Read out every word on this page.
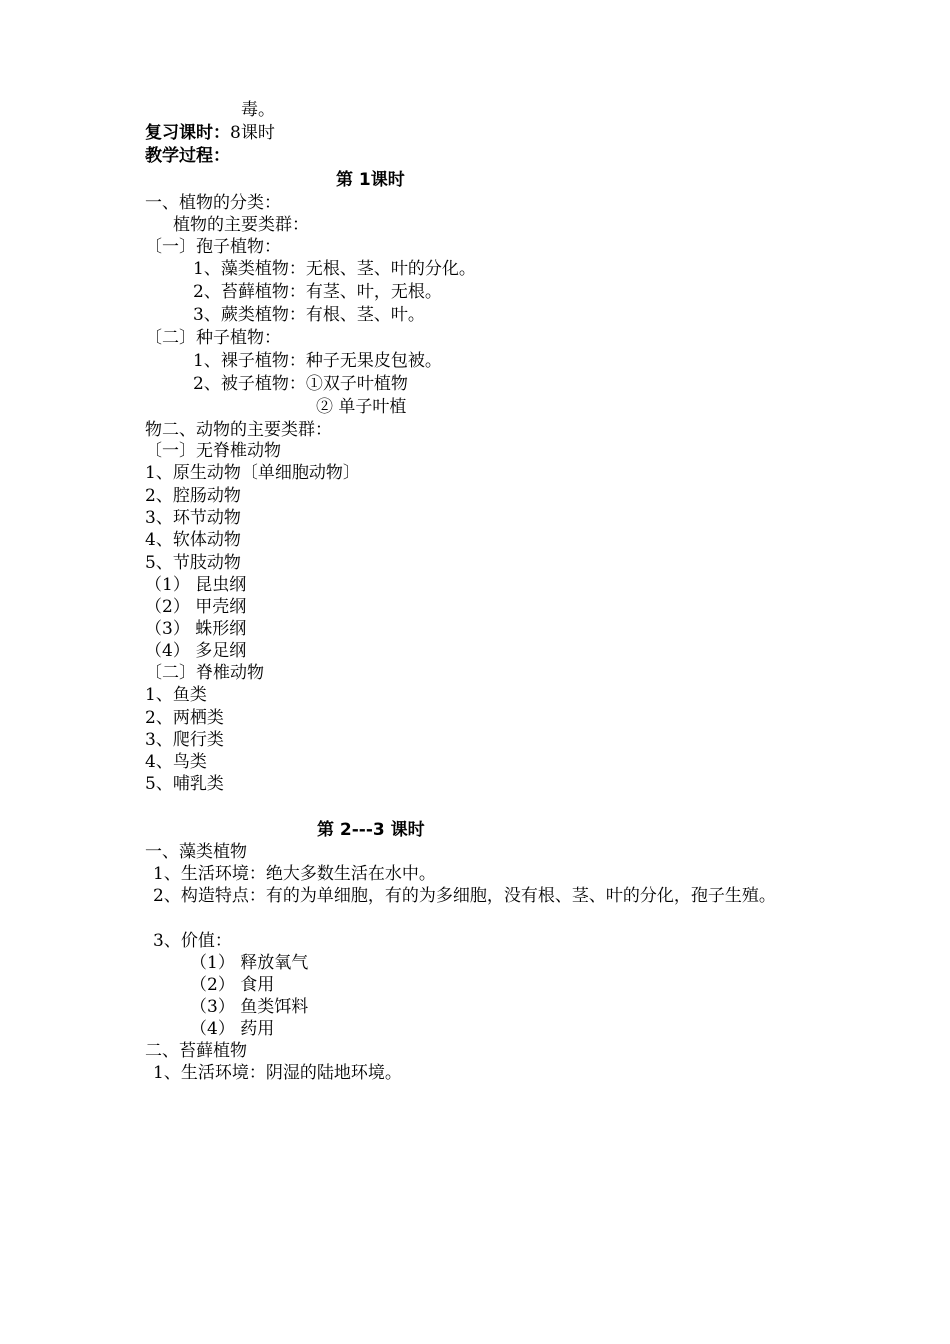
毒。
复习课时：8课时
教学过程：
第 1课时
一、植物的分类：
植物的主要类群：
〔一〕孢子植物：
1、藻类植物：无根、茎、叶的分化。
2、苔藓植物：有茎、叶，无根。
3、蕨类植物：有根、茎、叶。
〔二〕种子植物：
1、裸子植物：种子无果皮包被。
2、被子植物：①双子叶植物
② 单子叶植
物二、动物的主要类群：
〔一〕无脊椎动物
1、原生动物〔单细胞动物〕
2、腔肠动物
3、环节动物
4、软体动物
5、节肢动物
（1） 昆虫纲
（2） 甲壳纲
（3） 蛛形纲
（4） 多足纲
〔二〕脊椎动物
1、鱼类
2、两栖类
3、爬行类
4、鸟类
5、哺乳类
第 2---3 课时
一、藻类植物
1、生活环境：绝大多数生活在水中。
2、构造特点：有的为单细胞，有的为多细胞，没有根、茎、叶的分化，孢子生殖。
3、价值：
（1） 释放氧气
（2） 食用
（3） 鱼类饵料
（4） 药用
二、苔藓植物
1、生活环境：阴湿的陆地环境。
